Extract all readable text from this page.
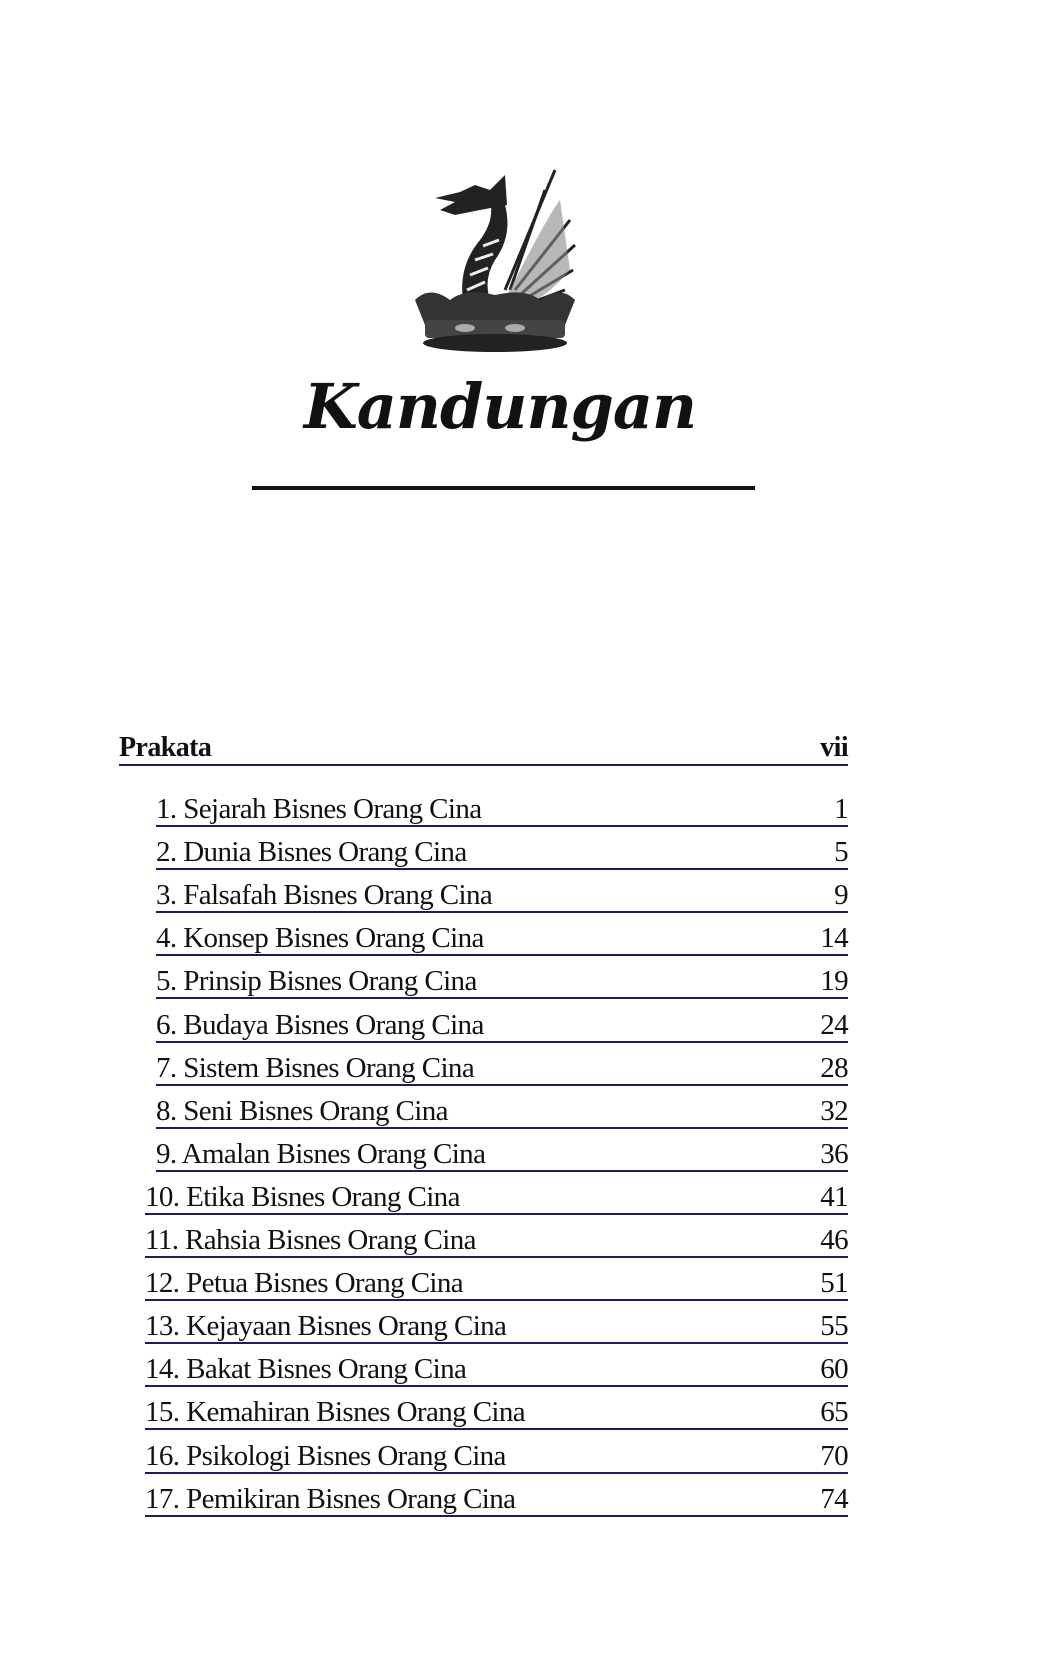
Kandungan
Prakata	vii
1. Sejarah Bisnes Orang Cina	1
2. Dunia Bisnes Orang Cina	5
3. Falsafah Bisnes Orang Cina	9
4. Konsep Bisnes Orang Cina	14
5. Prinsip Bisnes Orang Cina	19
6. Budaya Bisnes Orang Cina	24
7. Sistem Bisnes Orang Cina	28
8. Seni Bisnes Orang Cina	32
9. Amalan Bisnes Orang Cina	36
10. Etika Bisnes Orang Cina	41
11. Rahsia Bisnes Orang Cina	46
12. Petua Bisnes Orang Cina	51
13. Kejayaan Bisnes Orang Cina	55
14. Bakat Bisnes Orang Cina	60
15. Kemahiran Bisnes Orang Cina	65
16. Psikologi Bisnes Orang Cina	70
17. Pemikiran Bisnes Orang Cina	74
